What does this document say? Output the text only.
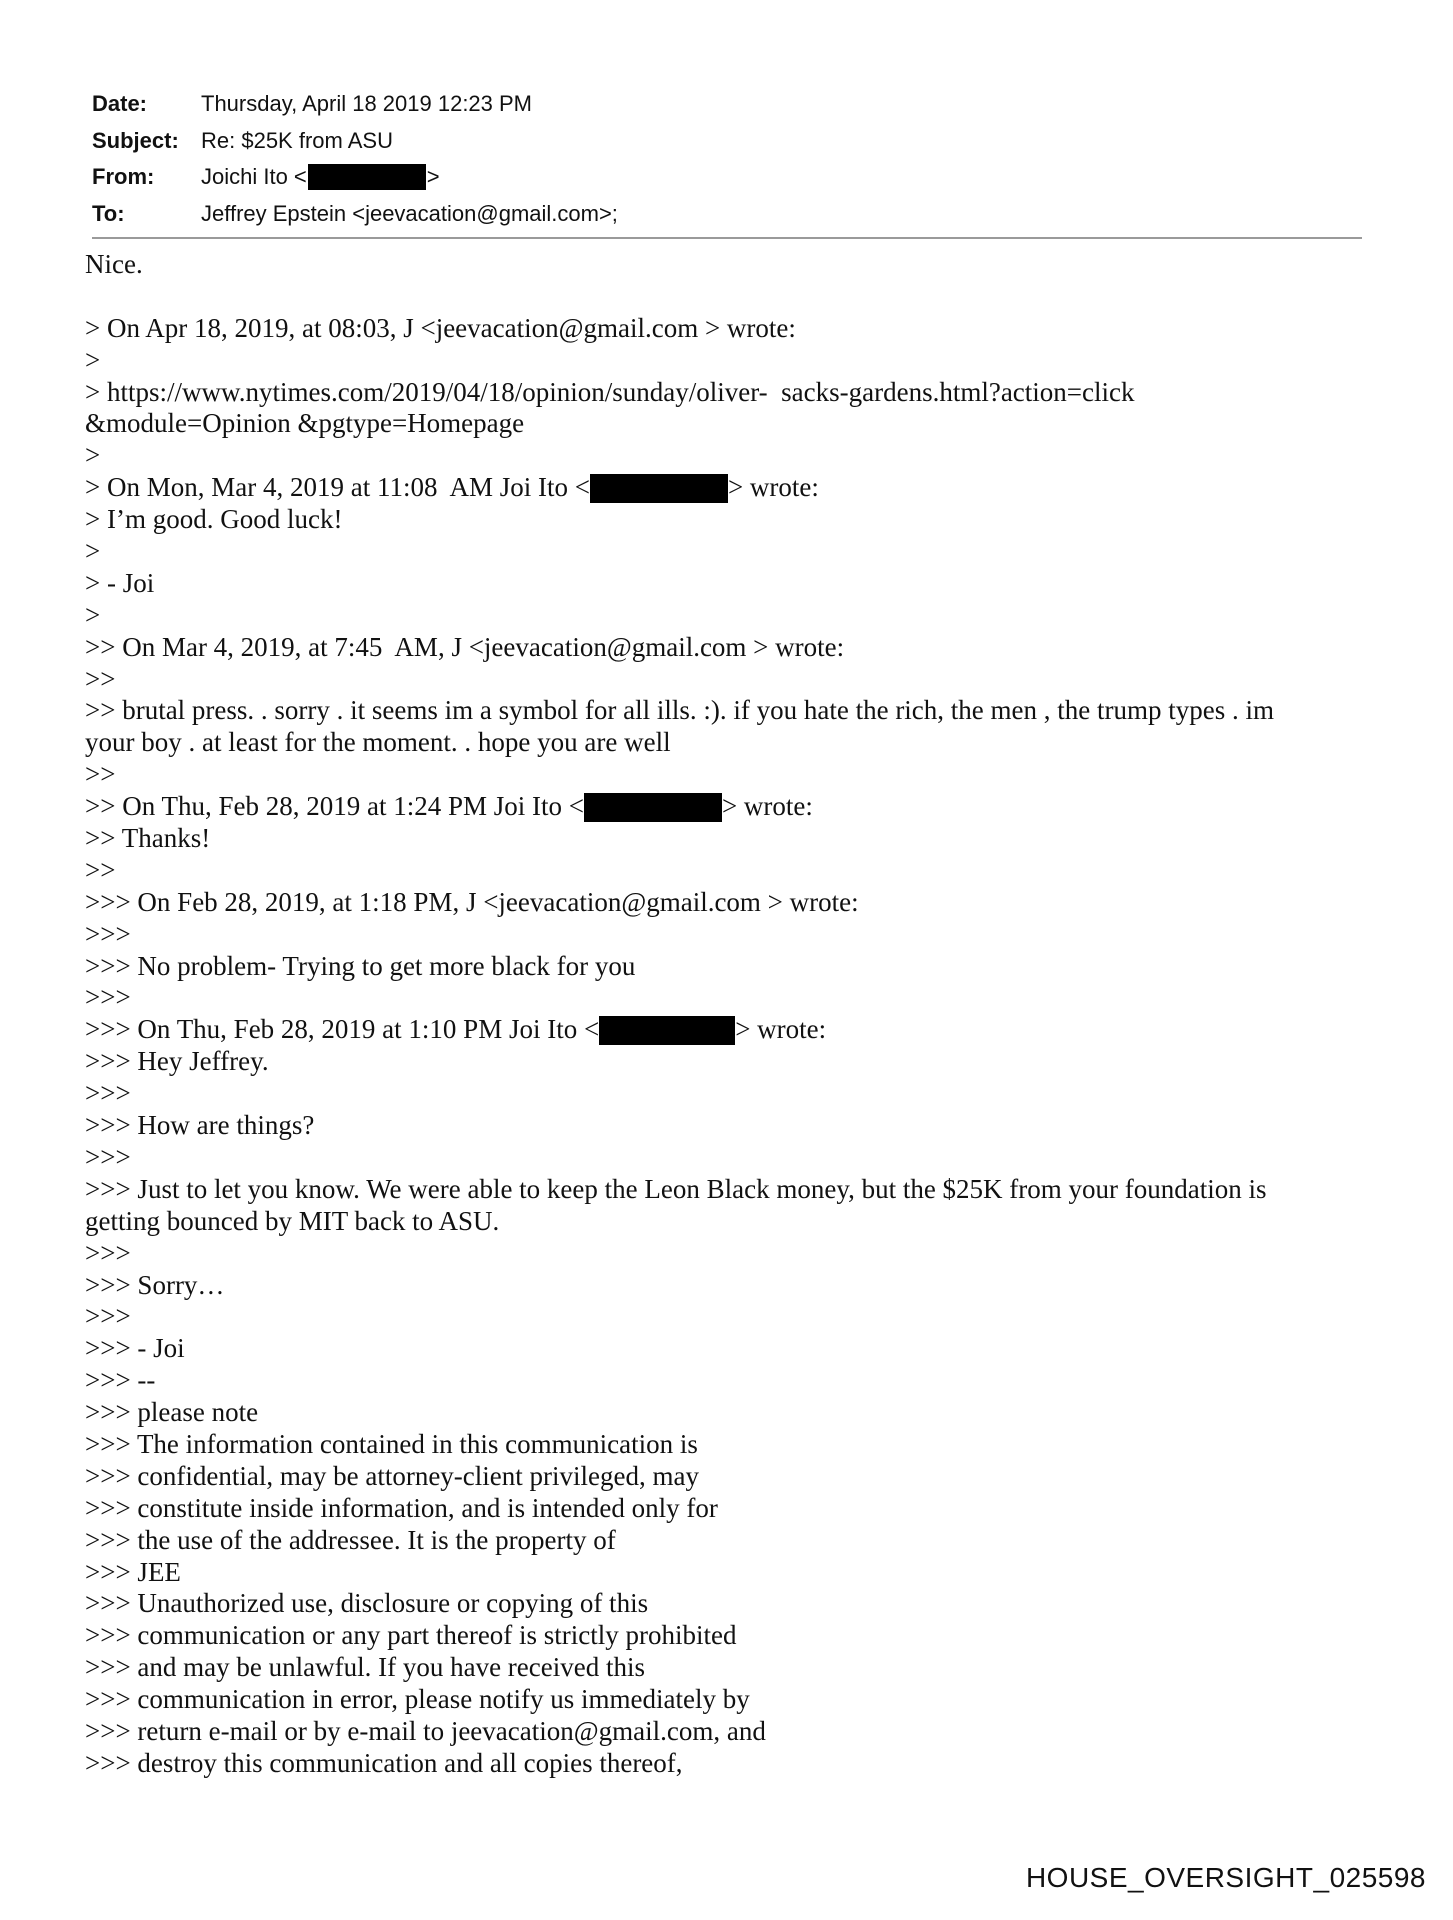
Date:	Thursday, April 18 2019 12:23 PM
Subject:	Re: $25K from ASU
From:	Joichi Ito <	>
To:	Jeffrey Epstein <jeevacation@gmail.com>;
Nice.
> On Apr 18, 2019, at 08:03, J <jeevacation@gmail.com > wrote:
>
> https://www.nytimes.com/2019/04/18/opinion/sunday/oliver-  sacks-gardens.html?action=click
&module=Opinion &pgtype=Homepage
>
> On Mon, Mar 4, 2019 at 11:08  AM Joi Ito <	> wrote:
> I’m good. Good luck!
>
> - Joi
>
>> On Mar 4, 2019, at 7:45  AM, J <jeevacation@gmail.com > wrote:
>>
>> brutal press. . sorry . it seems im a symbol for all ills. :). if you hate the rich, the men , the trump types . im
your boy . at least for the moment. . hope you are well
>>
>> On Thu, Feb 28, 2019 at 1:24 PM Joi Ito <	> wrote:
>> Thanks!
>>
>>> On Feb 28, 2019, at 1:18 PM, J <jeevacation@gmail.com > wrote:
>>>
>>> No problem- Trying to get more black for you
>>>
>>> On Thu, Feb 28, 2019 at 1:10 PM Joi Ito <	> wrote:
>>> Hey Jeffrey.
>>>
>>> How are things?
>>>
>>> Just to let you know. We were able to keep the Leon Black money, but the $25K from your foundation is
getting bounced by MIT back to ASU.
>>>
>>> Sorry…
>>>
>>> - Joi
>>> --
>>> please note
>>> The information contained in this communication is
>>> confidential, may be attorney-client privileged, may
>>> constitute inside information, and is intended only for
>>> the use of the addressee. It is the property of
>>> JEE
>>> Unauthorized use, disclosure or copying of this
>>> communication or any part thereof is strictly prohibited
>>> and may be unlawful. If you have received this
>>> communication in error, please notify us immediately by
>>> return e-mail or by e-mail to jeevacation@gmail.com, and
>>> destroy this communication and all copies thereof,
HOUSE_OVERSIGHT_025598
